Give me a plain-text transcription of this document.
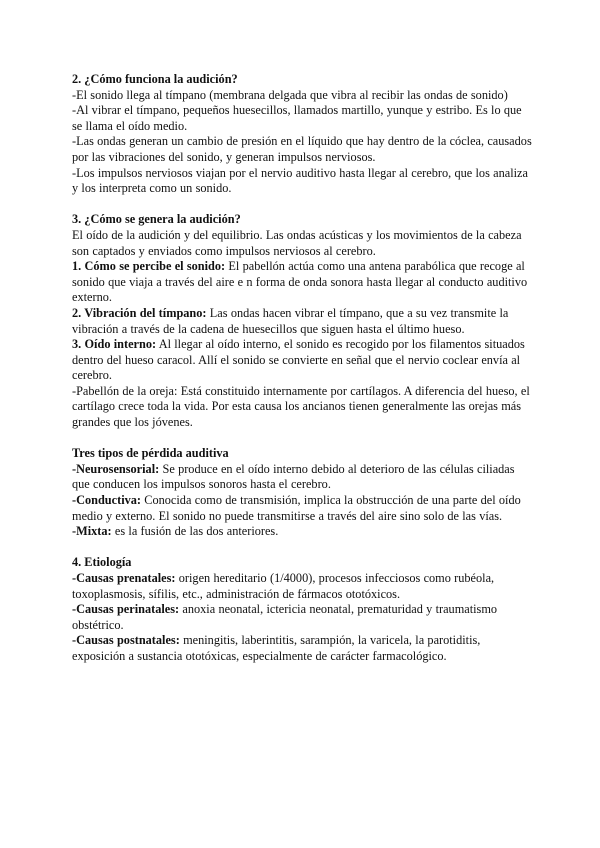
2. ¿Cómo funciona la audición?

-El sonido llega al tímpano (membrana delgada que vibra al recibir las ondas de sonido)

-Al vibrar el tímpano, pequeños huesecillos, llamados martillo, yunque y estribo. Es lo que se llama el oído medio.

-Las ondas generan un cambio de presión en el líquido que hay dentro de la cóclea, causados por las vibraciones del sonido, y generan impulsos nerviosos.

-Los impulsos nerviosos viajan por el nervio auditivo hasta llegar al cerebro, que los analiza y los interpreta como un sonido.

3. ¿Cómo se genera la audición?

El oído de la audición y del equilibrio. Las ondas acústicas y los movimientos de la cabeza son captados y enviados como impulsos nerviosos al cerebro.

1. Cómo se percibe el sonido: El pabellón actúa como una antena parabólica que recoge al sonido que viaja a través del aire e n forma de onda sonora hasta llegar al conducto auditivo externo.

2. Vibración del tímpano: Las ondas hacen vibrar el tímpano, que a su vez transmite la vibración a través de la cadena de huesecillos que siguen hasta el último hueso.

3. Oído interno: Al llegar al oído interno, el sonido es recogido por los filamentos situados dentro del hueso caracol. Allí el sonido se convierte en señal que el nervio coclear envía al cerebro.

-Pabellón de la oreja: Está constituido internamente por cartílagos. A diferencia del hueso, el cartílago crece toda la vida. Por esta causa los ancianos tienen generalmente las orejas más grandes que los jóvenes.

Tres tipos de pérdida auditiva

-Neurosensorial: Se produce en el oído interno debido al deterioro de las células ciliadas que conducen los impulsos sonoros hasta el cerebro.

-Conductiva: Conocida como de transmisión, implica la obstrucción de una parte del oído medio y externo. El sonido no puede transmitirse a través del aire sino solo de las vías.

-Mixta: es la fusión de las dos anteriores.

4. Etiología

-Causas prenatales: origen hereditario (1/4000), procesos infecciosos como rubéola, toxoplasmosis, sífilis, etc., administración de fármacos ototóxicos.

-Causas perinatales: anoxia neonatal, ictericia neonatal, prematuridad y traumatismo obstétrico.

-Causas postnatales: meningitis, laberintitis, sarampión, la varicela, la parotiditis, exposición a sustancia ototóxicas, especialmente de carácter farmacológico.
